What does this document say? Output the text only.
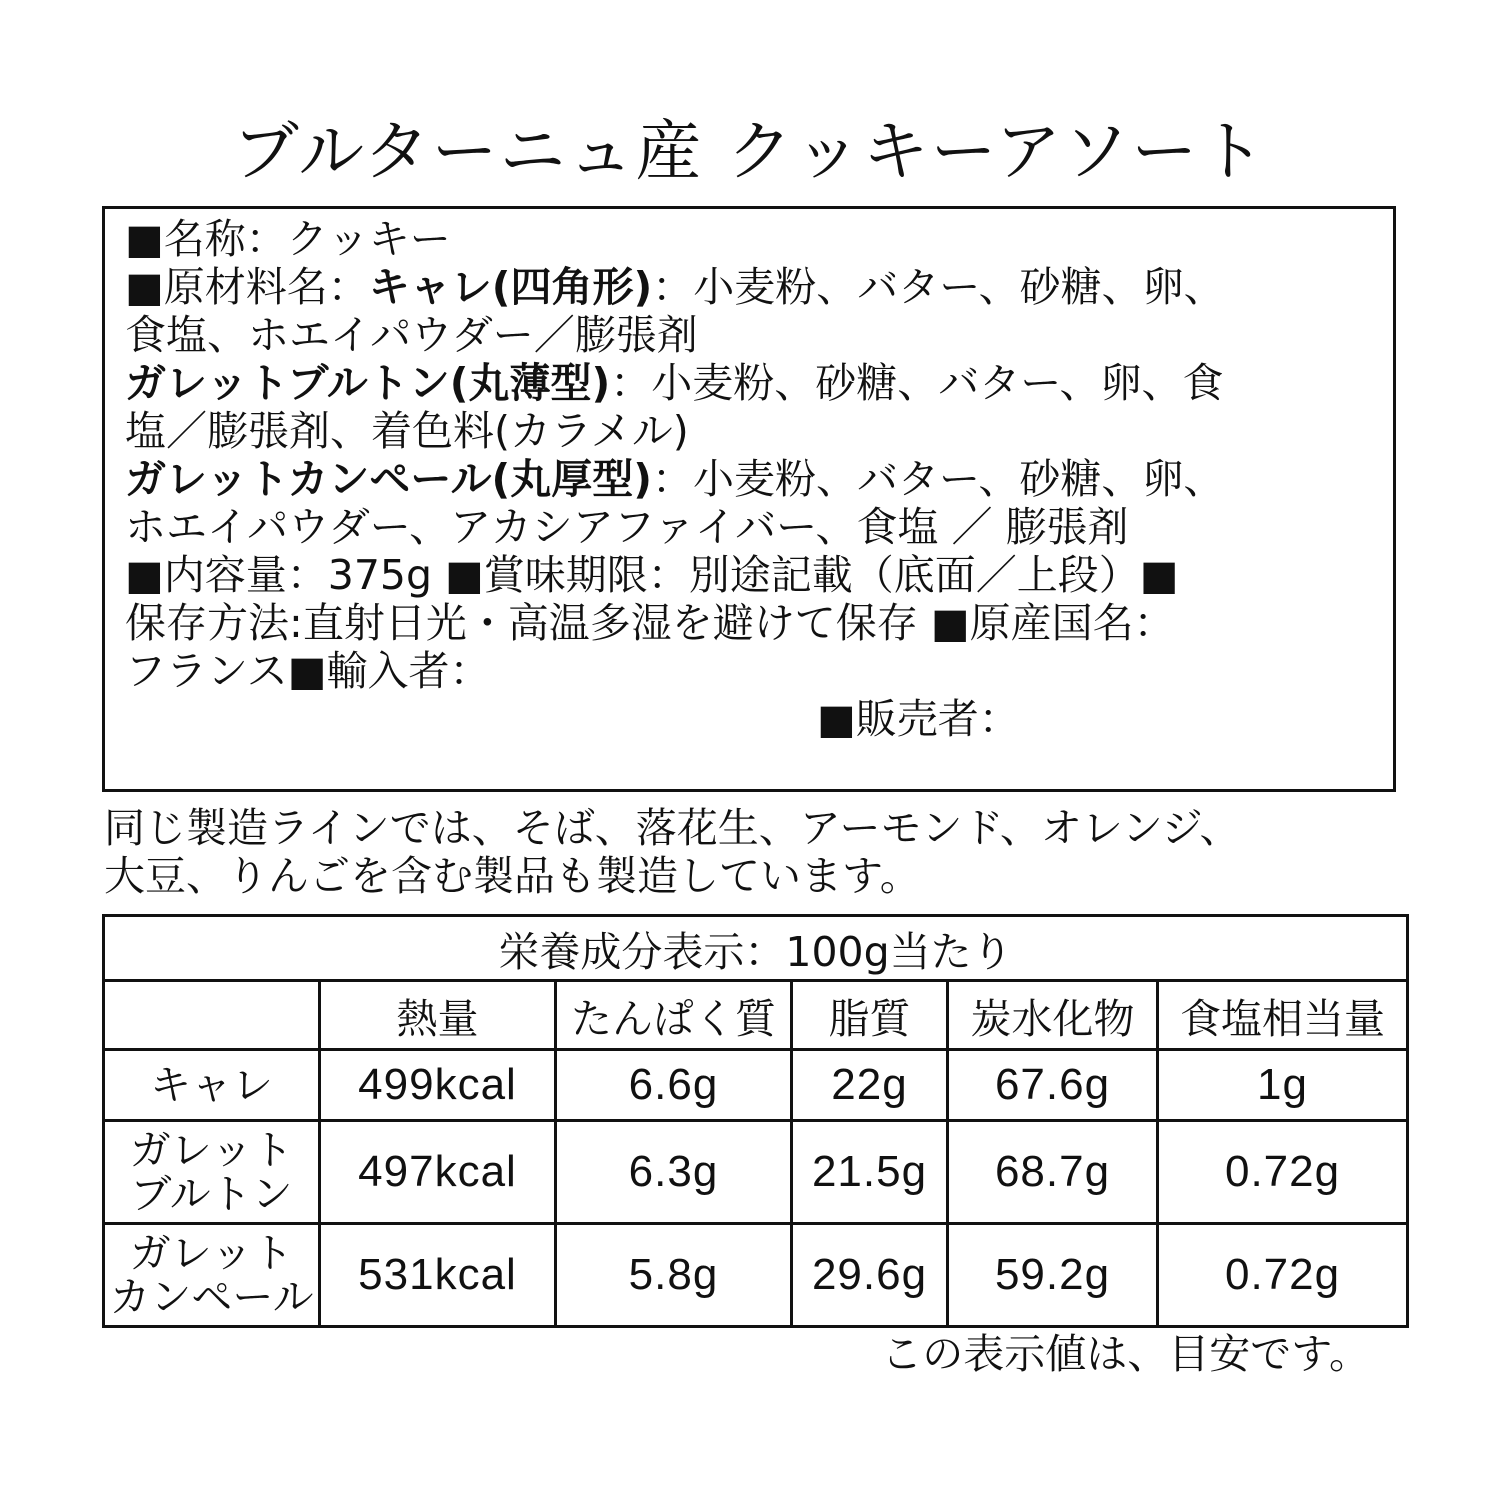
ブルターニュ産 クッキーアソート

■名称：クッキー

■原材料名：キャレ(四角形)：小麦粉、バター、砂糖、卵、

食塩、ホエイパウダー／膨張剤

ガレットブルトン(丸薄型)：小麦粉、砂糖、バター、卵、食

塩／膨張剤、着色料(カラメル)

ガレットカンペール(丸厚型)：小麦粉、バター、砂糖、卵、

ホエイパウダー、アカシアファイバー、食塩 ／ 膨張剤

■内容量：375g ■賞味期限：別途記載（底面／上段）■

保存方法:直射日光・高温多湿を避けて保存 ■原産国名：

フランス■輸入者：

■販売者：

同じ製造ラインでは、そば、落花生、アーモンド、オレンジ、

大豆、りんごを含む製品も製造しています。

栄養成分表示：100g当たり					
	熱量	たんぱく質	脂質	炭水化物	食塩相当量
キャレ	499kcal	6.6g	22g	67.6g	1g

ガレット
ブルトン	497kcal	6.3g	21.5g	68.7g	0.72g

ガレット
カンペール	531kcal	5.8g	29.6g	59.2g	0.72g
この表示値は、目安です。
